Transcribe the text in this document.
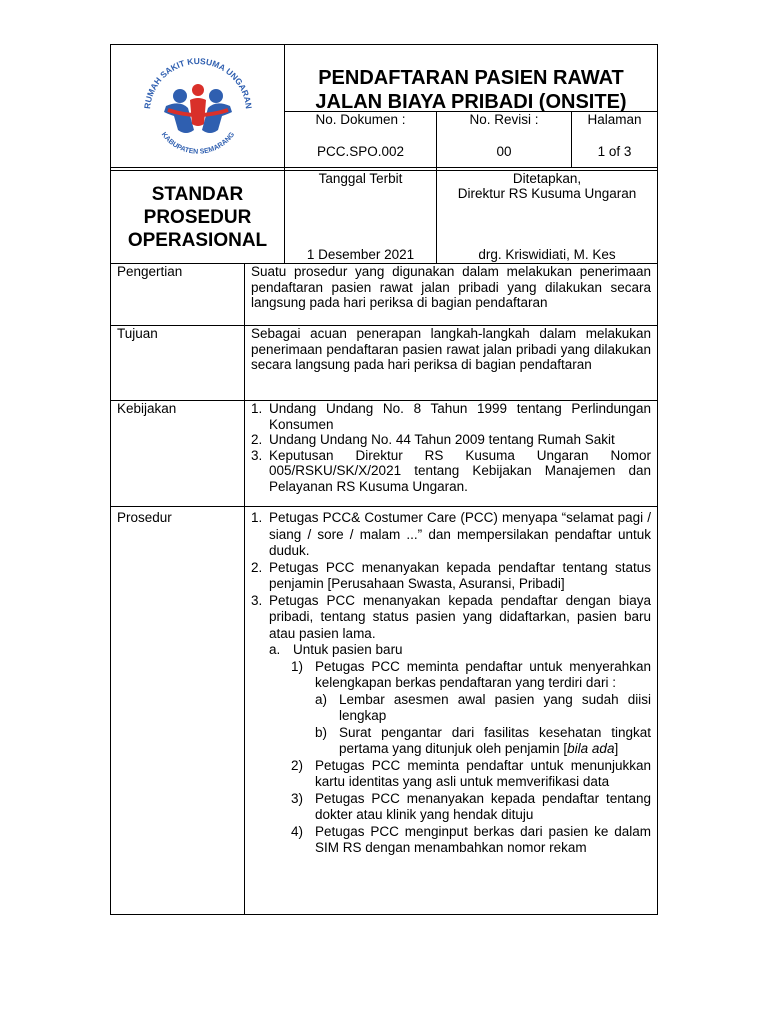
RUMAH SAKIT KUSUMA UNGARAN
KABUPATEN SEMARANG
PENDAFTARAN PASIEN RAWAT
JALAN BIAYA PRIBADI (ONSITE)
No. Dokumen :
PCC.SPO.002
No. Revisi :
00
Halaman
1 of 3
STANDAR
PROSEDUR
OPERASIONAL
Tanggal Terbit
1 Desember 2021
Ditetapkan,
Direktur RS Kusuma Ungaran
drg. Kriswidiati, M. Kes
Pengertian	Suatu prosedur yang digunakan dalam melakukan penerimaan pendaftaran pasien rawat jalan pribadi yang dilakukan secara langsung pada hari periksa di bagian pendaftaran
Tujuan	Sebagai acuan penerapan langkah-langkah dalam melakukan penerimaan pendaftaran pasien rawat jalan pribadi yang dilakukan secara langsung pada hari periksa di bagian pendaftaran
Kebijakan	1. Undang Undang No. 8 Tahun 1999 tentang Perlindungan Konsumen
2. Undang Undang No. 44 Tahun 2009 tentang Rumah Sakit
3. Keputusan Direktur RS Kusuma Ungaran Nomor 005/RSKU/SK/X/2021 tentang Kebijakan Manajemen dan Pelayanan RS Kusuma Ungaran.
Prosedur	1. Petugas PCC& Costumer Care (PCC) menyapa “selamat pagi / siang / sore / malam ...” dan mempersilakan pendaftar untuk duduk.
2. Petugas PCC menanyakan kepada pendaftar tentang status penjamin [Perusahaan Swasta, Asuransi, Pribadi]
3. Petugas PCC menanyakan kepada pendaftar dengan biaya pribadi, tentang status pasien yang didaftarkan, pasien baru atau pasien lama.
a. Untuk pasien baru
1) Petugas PCC meminta pendaftar untuk menyerahkan kelengkapan berkas pendaftaran yang terdiri dari :
a) Lembar asesmen awal pasien yang sudah diisi lengkap
b) Surat pengantar dari fasilitas kesehatan tingkat pertama yang ditunjuk oleh penjamin [bila ada]
2) Petugas PCC meminta pendaftar untuk menunjukkan kartu identitas yang asli untuk memverifikasi data
3) Petugas PCC menanyakan kepada pendaftar tentang dokter atau klinik yang hendak dituju
4) Petugas PCC menginput berkas dari pasien ke dalam SIM RS dengan menambahkan nomor rekam
